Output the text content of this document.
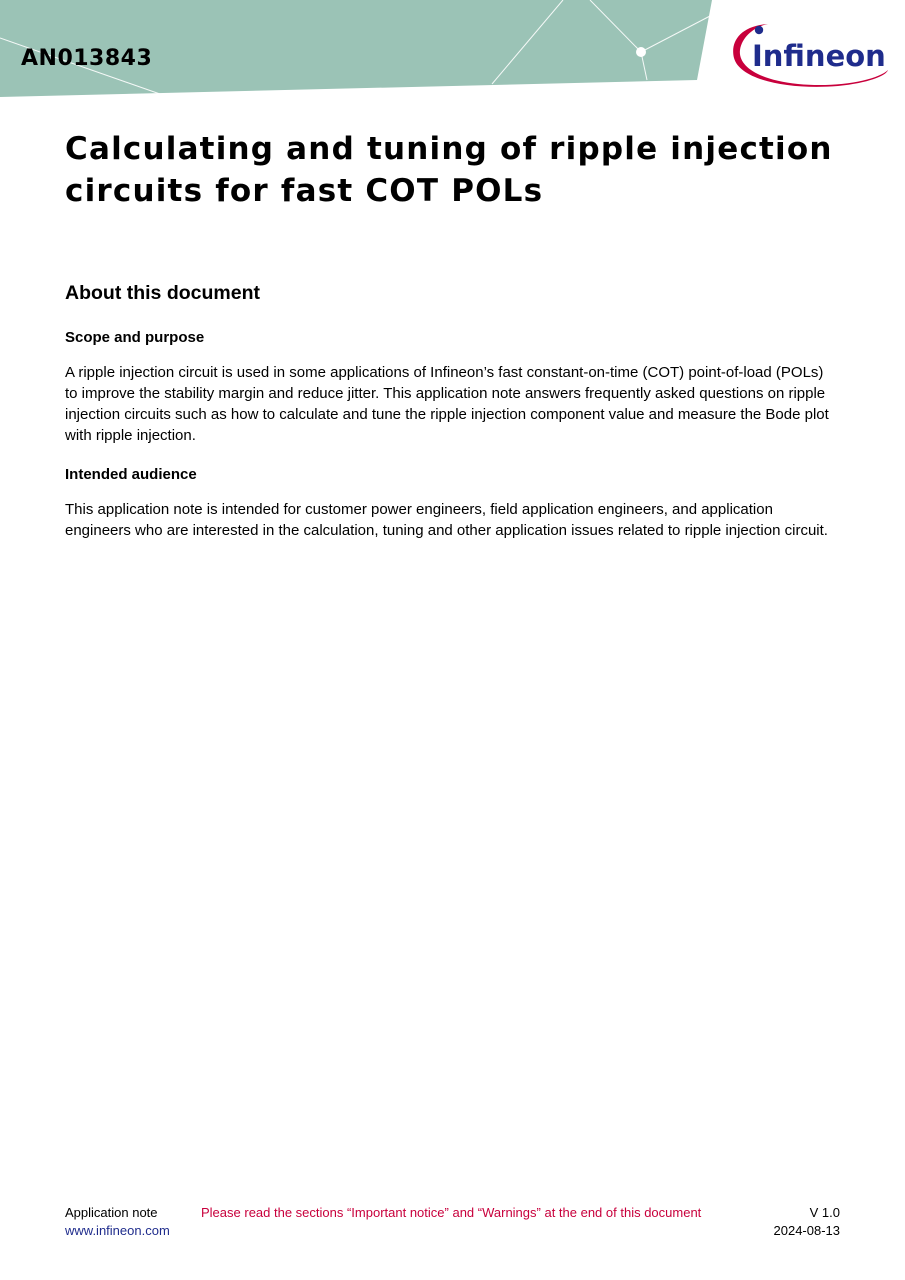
AN013843	Infineon
Calculating and tuning of ripple injection circuits for fast COT POLs
About this document
Scope and purpose

A ripple injection circuit is used in some applications of Infineon’s fast constant-on-time (COT) point-of-load (POLs) to improve the stability margin and reduce jitter. This application note answers frequently asked questions on ripple injection circuits such as how to calculate and tune the ripple injection component value and measure the Bode plot with ripple injection.

Intended audience

This application note is intended for customer power engineers, field application engineers, and application engineers who are interested in the calculation, tuning and other application issues related to ripple injection circuit.

Application note
www.infineon.com
Please read the sections “Important notice” and “Warnings” at the end of this document	V 1.0
2024-08-13
